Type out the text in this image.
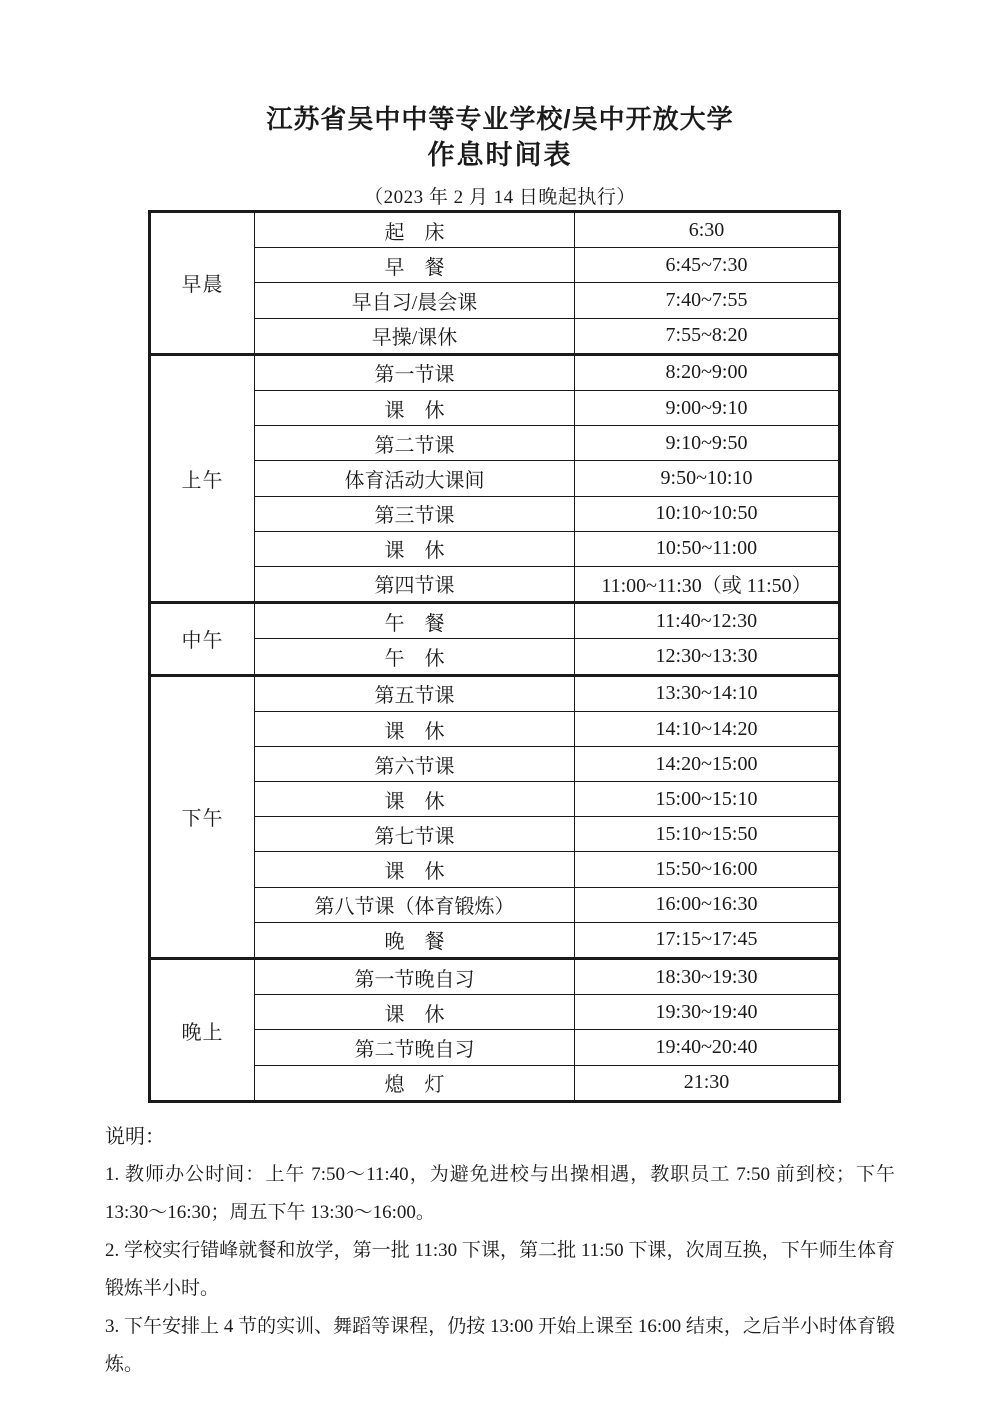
江苏省吴中中等专业学校/吴中开放大学
作息时间表
（2023 年 2 月 14 日晚起执行）
早晨	起　床	6:30
	早　餐	6:45~7:30
	早自习/晨会课	7:40~7:55
	早操/课休	7:55~8:20
上午	第一节课	8:20~9:00
	课　休	9:00~9:10
	第二节课	9:10~9:50
	体育活动大课间	9:50~10:10
	第三节课	10:10~10:50
	课　休	10:50~11:00
	第四节课	11:00~11:30（或 11:50）
中午	午　餐	11:40~12:30
	午　休	12:30~13:30
下午	第五节课	13:30~14:10
	课　休	14:10~14:20
	第六节课	14:20~15:00
	课　休	15:00~15:10
	第七节课	15:10~15:50
	课　休	15:50~16:00
	第八节课（体育锻炼）	16:00~16:30
	晚　餐	17:15~17:45
晚上	第一节晚自习	18:30~19:30
	课　休	19:30~19:40
	第二节晚自习	19:40~20:40
	熄　灯	21:30
说明：

1. 教师办公时间：上午 7:50～11:40，为避免进校与出操相遇，教职员工 7:50 前到校；下午 13:30～16:30；周五下午 13:30～16:00。

2. 学校实行错峰就餐和放学，第一批 11:30 下课，第二批 11:50 下课，次周互换，下午师生体育锻炼半小时。

3. 下午安排上 4 节的实训、舞蹈等课程，仍按 13:00 开始上课至 16:00 结束，之后半小时体育锻炼。
